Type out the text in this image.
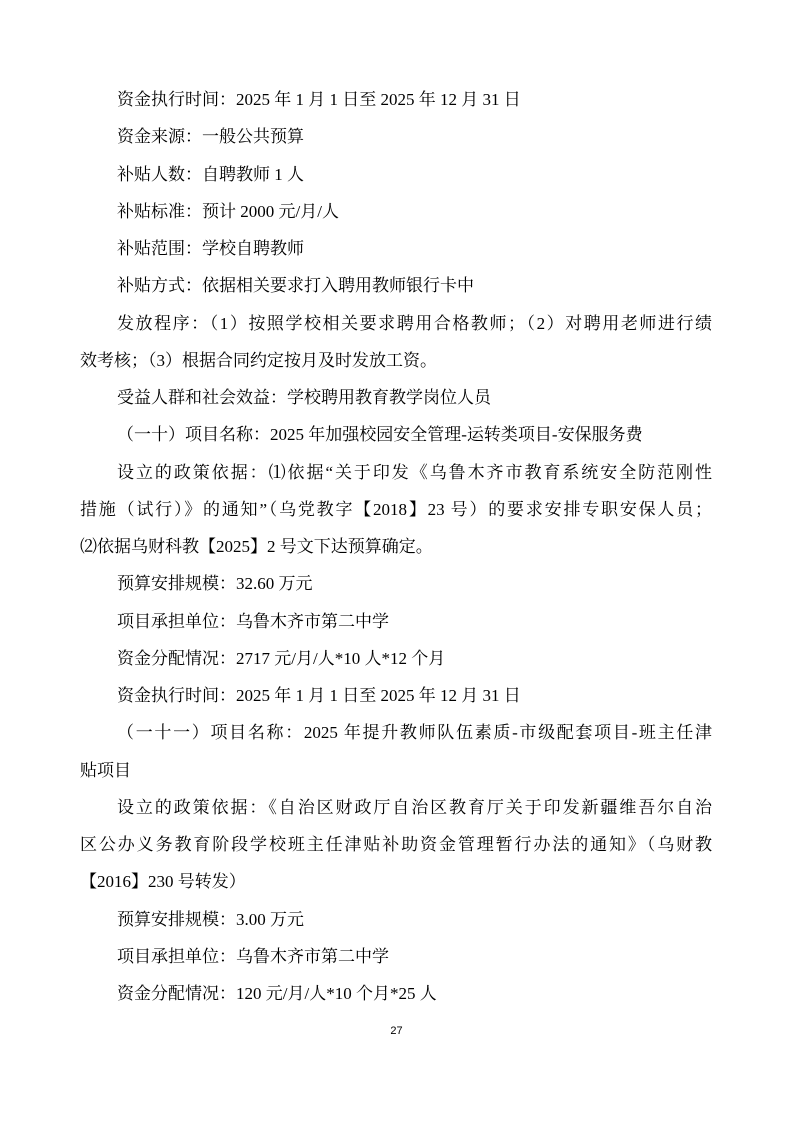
资金执行时间：2025 年 1 月 1 日至 2025 年 12 月 31 日
资金来源：一般公共预算
补贴人数：自聘教师 1 人
补贴标准：预计 2000 元/月/人
补贴范围：学校自聘教师
补贴方式：依据相关要求打入聘用教师银行卡中
发放程序：（1）按照学校相关要求聘用合格教师；（2）对聘用老师进行绩
效考核；（3）根据合同约定按月及时发放工资。
受益人群和社会效益：学校聘用教育教学岗位人员
（一十）项目名称：2025 年加强校园安全管理-运转类项目-安保服务费
设立的政策依据：⑴依据“关于印发《乌鲁木齐市教育系统安全防范刚性
措施（试行）》的通知”（乌党教字【2018】23 号）的要求安排专职安保人员；
⑵依据乌财科教【2025】2 号文下达预算确定。
预算安排规模：32.60 万元
项目承担单位：乌鲁木齐市第二中学
资金分配情况：2717 元/月/人*10 人*12 个月
资金执行时间：2025 年 1 月 1 日至 2025 年 12 月 31 日
（一十一）项目名称：2025 年提升教师队伍素质-市级配套项目-班主任津
贴项目
设立的政策依据：《自治区财政厅自治区教育厅关于印发新疆维吾尔自治
区公办义务教育阶段学校班主任津贴补助资金管理暂行办法的通知》（乌财教
【2016】230 号转发）
预算安排规模：3.00 万元
项目承担单位：乌鲁木齐市第二中学
资金分配情况：120 元/月/人*10 个月*25 人
27
